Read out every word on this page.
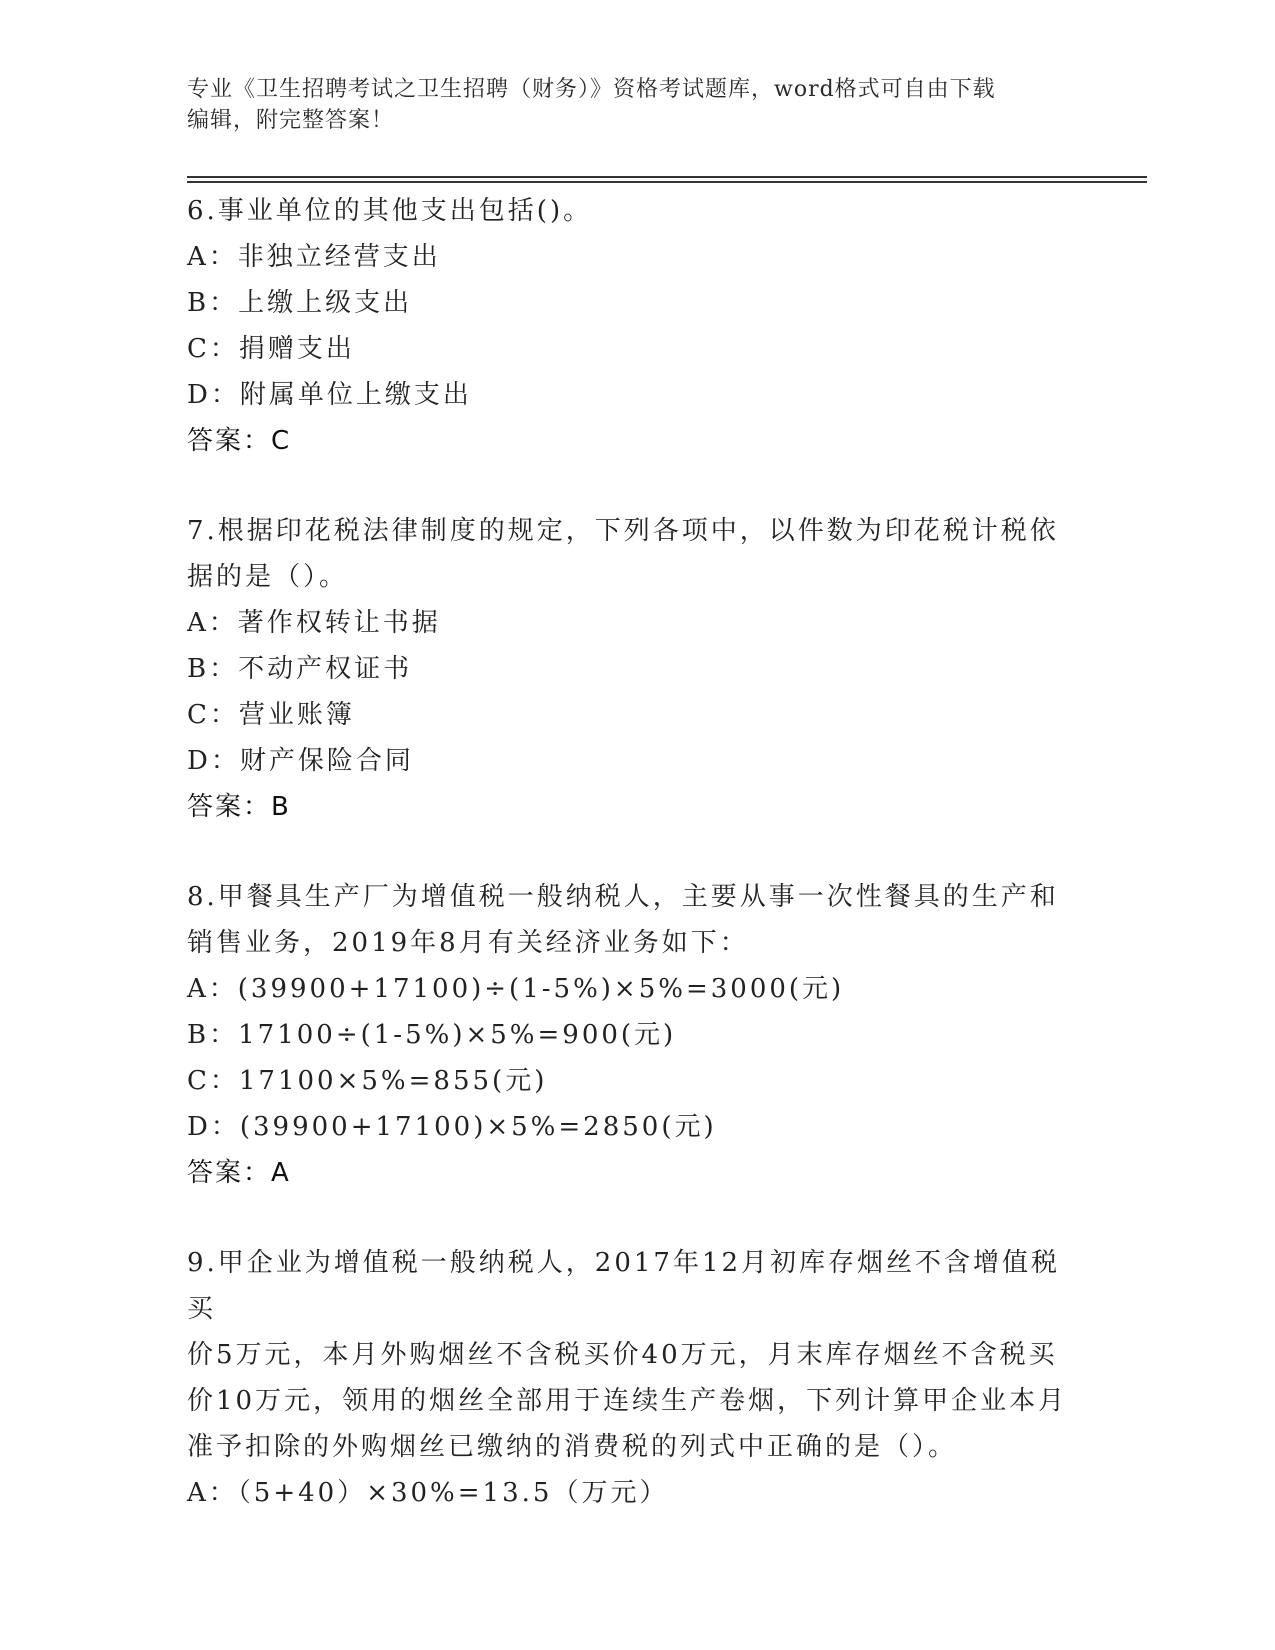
专业《卫生招聘考试之卫生招聘（财务）》资格考试题库，word格式可自由下载
编辑，附完整答案！
6.事业单位的其他支出包括()。
A：非独立经营支出
B：上缴上级支出
C：捐赠支出
D：附属单位上缴支出
答案：C
7.根据印花税法律制度的规定，下列各项中，以件数为印花税计税依
据的是（）。
A：著作权转让书据
B：不动产权证书
C：营业账簿
D：财产保险合同
答案：B
8.甲餐具生产厂为增值税一般纳税人，主要从事一次性餐具的生产和
销售业务，2019年8月有关经济业务如下：
A：(39900+17100)÷(1-5%)×5%=3000(元)
B：17100÷(1-5%)×5%=900(元)
C：17100×5%=855(元)
D：(39900+17100)×5%=2850(元)
答案：A
9.甲企业为增值税一般纳税人，2017年12月初库存烟丝不含增值税买
价5万元，本月外购烟丝不含税买价40万元，月末库存烟丝不含税买
价10万元，领用的烟丝全部用于连续生产卷烟，下列计算甲企业本月
准予扣除的外购烟丝已缴纳的消费税的列式中正确的是（）。
A：（5+40）×30%=13.5（万元）
